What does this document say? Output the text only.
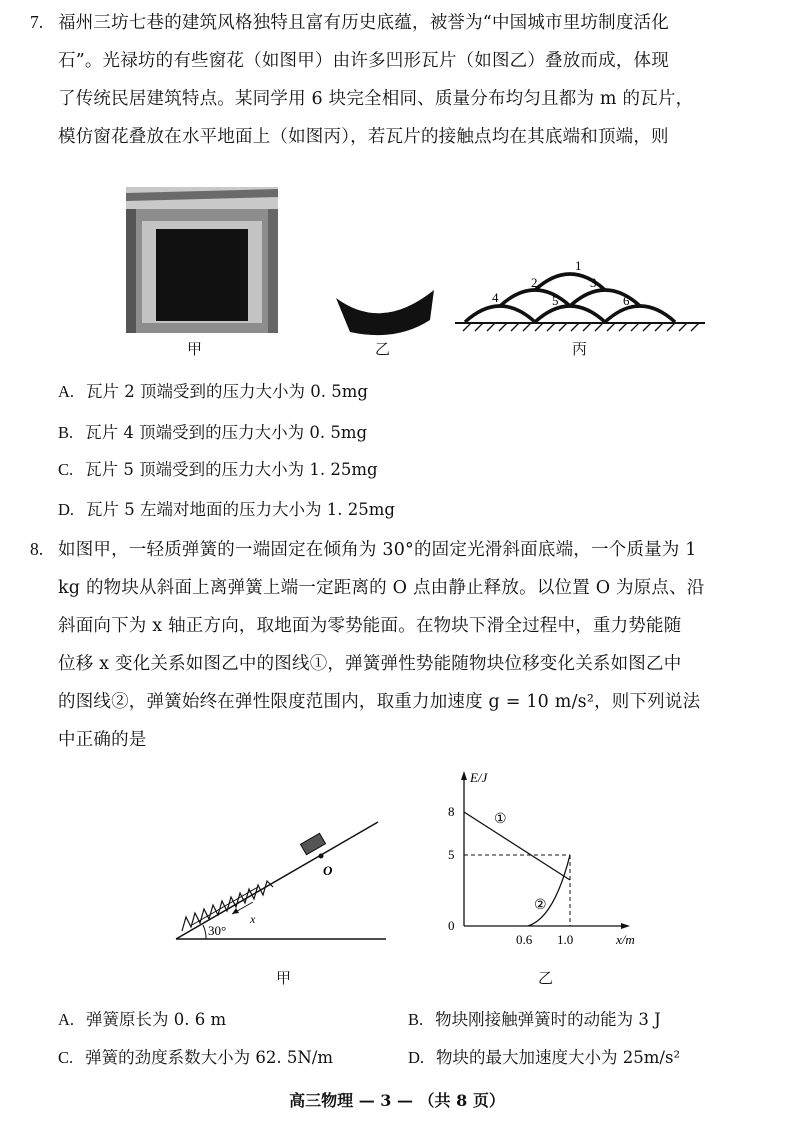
7. 福州三坊七巷的建筑风格独特且富有历史底蕴，被誉为“中国城市里坊制度活化
石”。光禄坊的有些窗花（如图甲）由许多凹形瓦片（如图乙）叠放而成，体现
了传统民居建筑特点。某同学用 6 块完全相同、质量分布均匀且都为 m 的瓦片，
模仿窗花叠放在水平地面上（如图丙），若瓦片的接触点均在其底端和顶端，则
甲	乙
1
2	3
4	5	6
丙
A. 瓦片 2 顶端受到的压力大小为 0. 5mg
B. 瓦片 4 顶端受到的压力大小为 0. 5mg
C. 瓦片 5 顶端受到的压力大小为 1. 25mg
D. 瓦片 5 左端对地面的压力大小为 1. 25mg
8. 如图甲，一轻质弹簧的一端固定在倾角为 30°的固定光滑斜面底端，一个质量为 1
kg 的物块从斜面上离弹簧上端一定距离的 O 点由静止释放。以位置 O 为原点、沿
斜面向下为 x 轴正方向，取地面为零势能面。在物块下滑全过程中，重力势能随
位移 x 变化关系如图乙中的图线①，弹簧弹性势能随物块位移变化关系如图乙中
的图线②，弹簧始终在弹性限度范围内，取重力加速度 g = 10 m/s²，则下列说法
中正确的是
O
x
30°
甲
E/J
x/m
0
8
5
0.6 1.0
①
②
乙
A. 弹簧原长为 0. 6 m	B. 物块刚接触弹簧时的动能为 3 J
C. 弹簧的劲度系数大小为 62. 5N/m	D. 物块的最大加速度大小为 25m/s²
高三物理 — 3 — （共 8 页）
